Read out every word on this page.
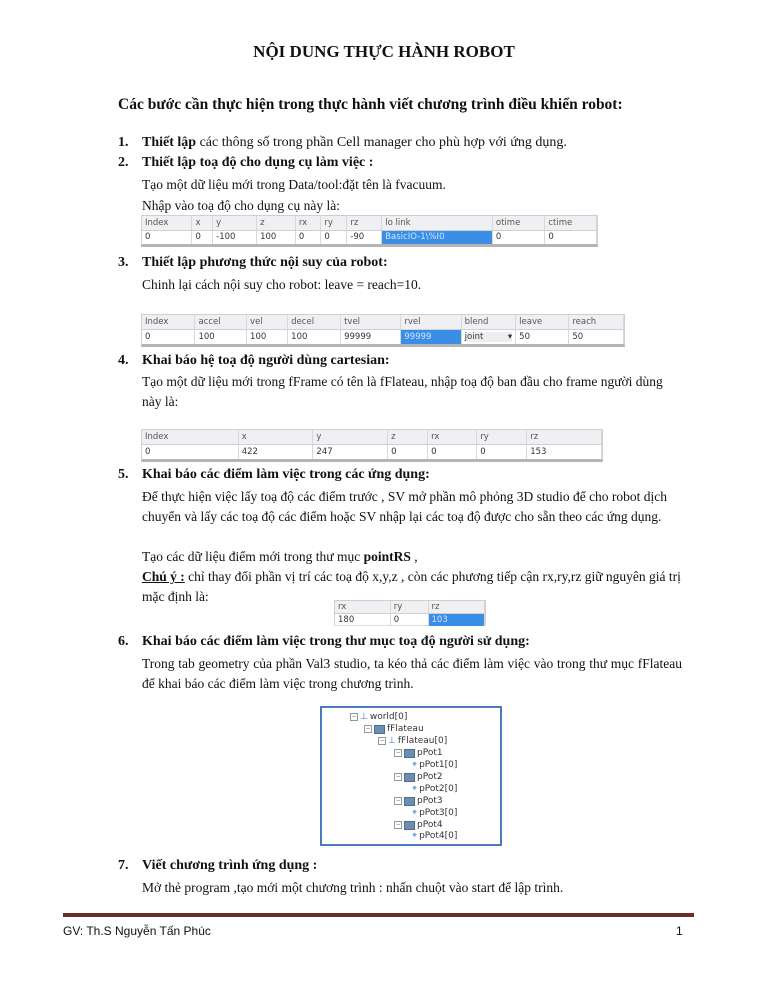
NỘI DUNG THỰC HÀNH ROBOT
Các bước cần thực hiện trong thực hành viết chương trình điều khiển robot:
1. Thiết lập các thông số trong phần Cell manager cho phù hợp với ứng dụng.
2. Thiết lập toạ độ cho dụng cụ làm việc :
Tạo một dữ liệu mới trong Data/tool:đặt tên là fvacuum.
Nhập vào toạ độ cho dụng cụ này là:
Index	x	y	z	rx	ry	rz	lo link	otime	ctime
0	0	-100	100	0	0	-90	BasicIO-1\%I0	0	0
3. Thiết lập phương thức nội suy của robot:
Chinh lại cách nội suy cho robot: leave = reach=10.
Index	accel	vel	decel	tvel	rvel	blend	leave	reach
0	100	100	100	99999	99999	joint ▾	50	50
4. Khai báo hệ toạ độ người dùng cartesian:
Tạo một dữ liệu mới trong fFrame có tên là fFlateau, nhập toạ độ ban đầu cho frame người dùng này là:
Index	x	y	z	rx	ry	rz
0	422	247	0	0	0	153
5. Khai báo các điểm làm việc trong các ứng dụng:
Để thực hiện việc lấy toạ độ các điểm trước , SV mở phần mô phỏng 3D studio để cho robot dịch chuyển và lấy các toạ độ các điểm hoặc SV nhập lại các toạ độ được cho sẵn theo các ứng dụng.
Tạo các dữ liệu điểm mới trong thư mục pointRS ,
Chú ý : chỉ thay đổi phần vị trí các toạ độ x,y,z , còn các phương tiếp cận rx,ry,rz giữ nguyên giá trị mặc định là:
rx	ry	rz
180	0	103
6. Khai báo các điểm làm việc trong thư mục toạ độ người sử dụng:
Trong tab geometry của phần Val3 studio, ta kéo thả các điểm làm việc vào trong thư mục fFlateau để khai báo các điểm làm việc trong chương trình.
− ⊥ world[0]
− fFlateau
− ⊥ fFlateau[0]
− pPot1
⌖ pPot1[0]
− pPot2
⌖ pPot2[0]
− pPot3
⌖ pPot3[0]
− pPot4
⌖ pPot4[0]
7. Viết chương trình ứng dụng :
Mở thẻ program ,tạo mới một chương trình : nhấn chuột vào start để lập trình.
GV: Th.S Nguyễn Tấn Phúc	1
